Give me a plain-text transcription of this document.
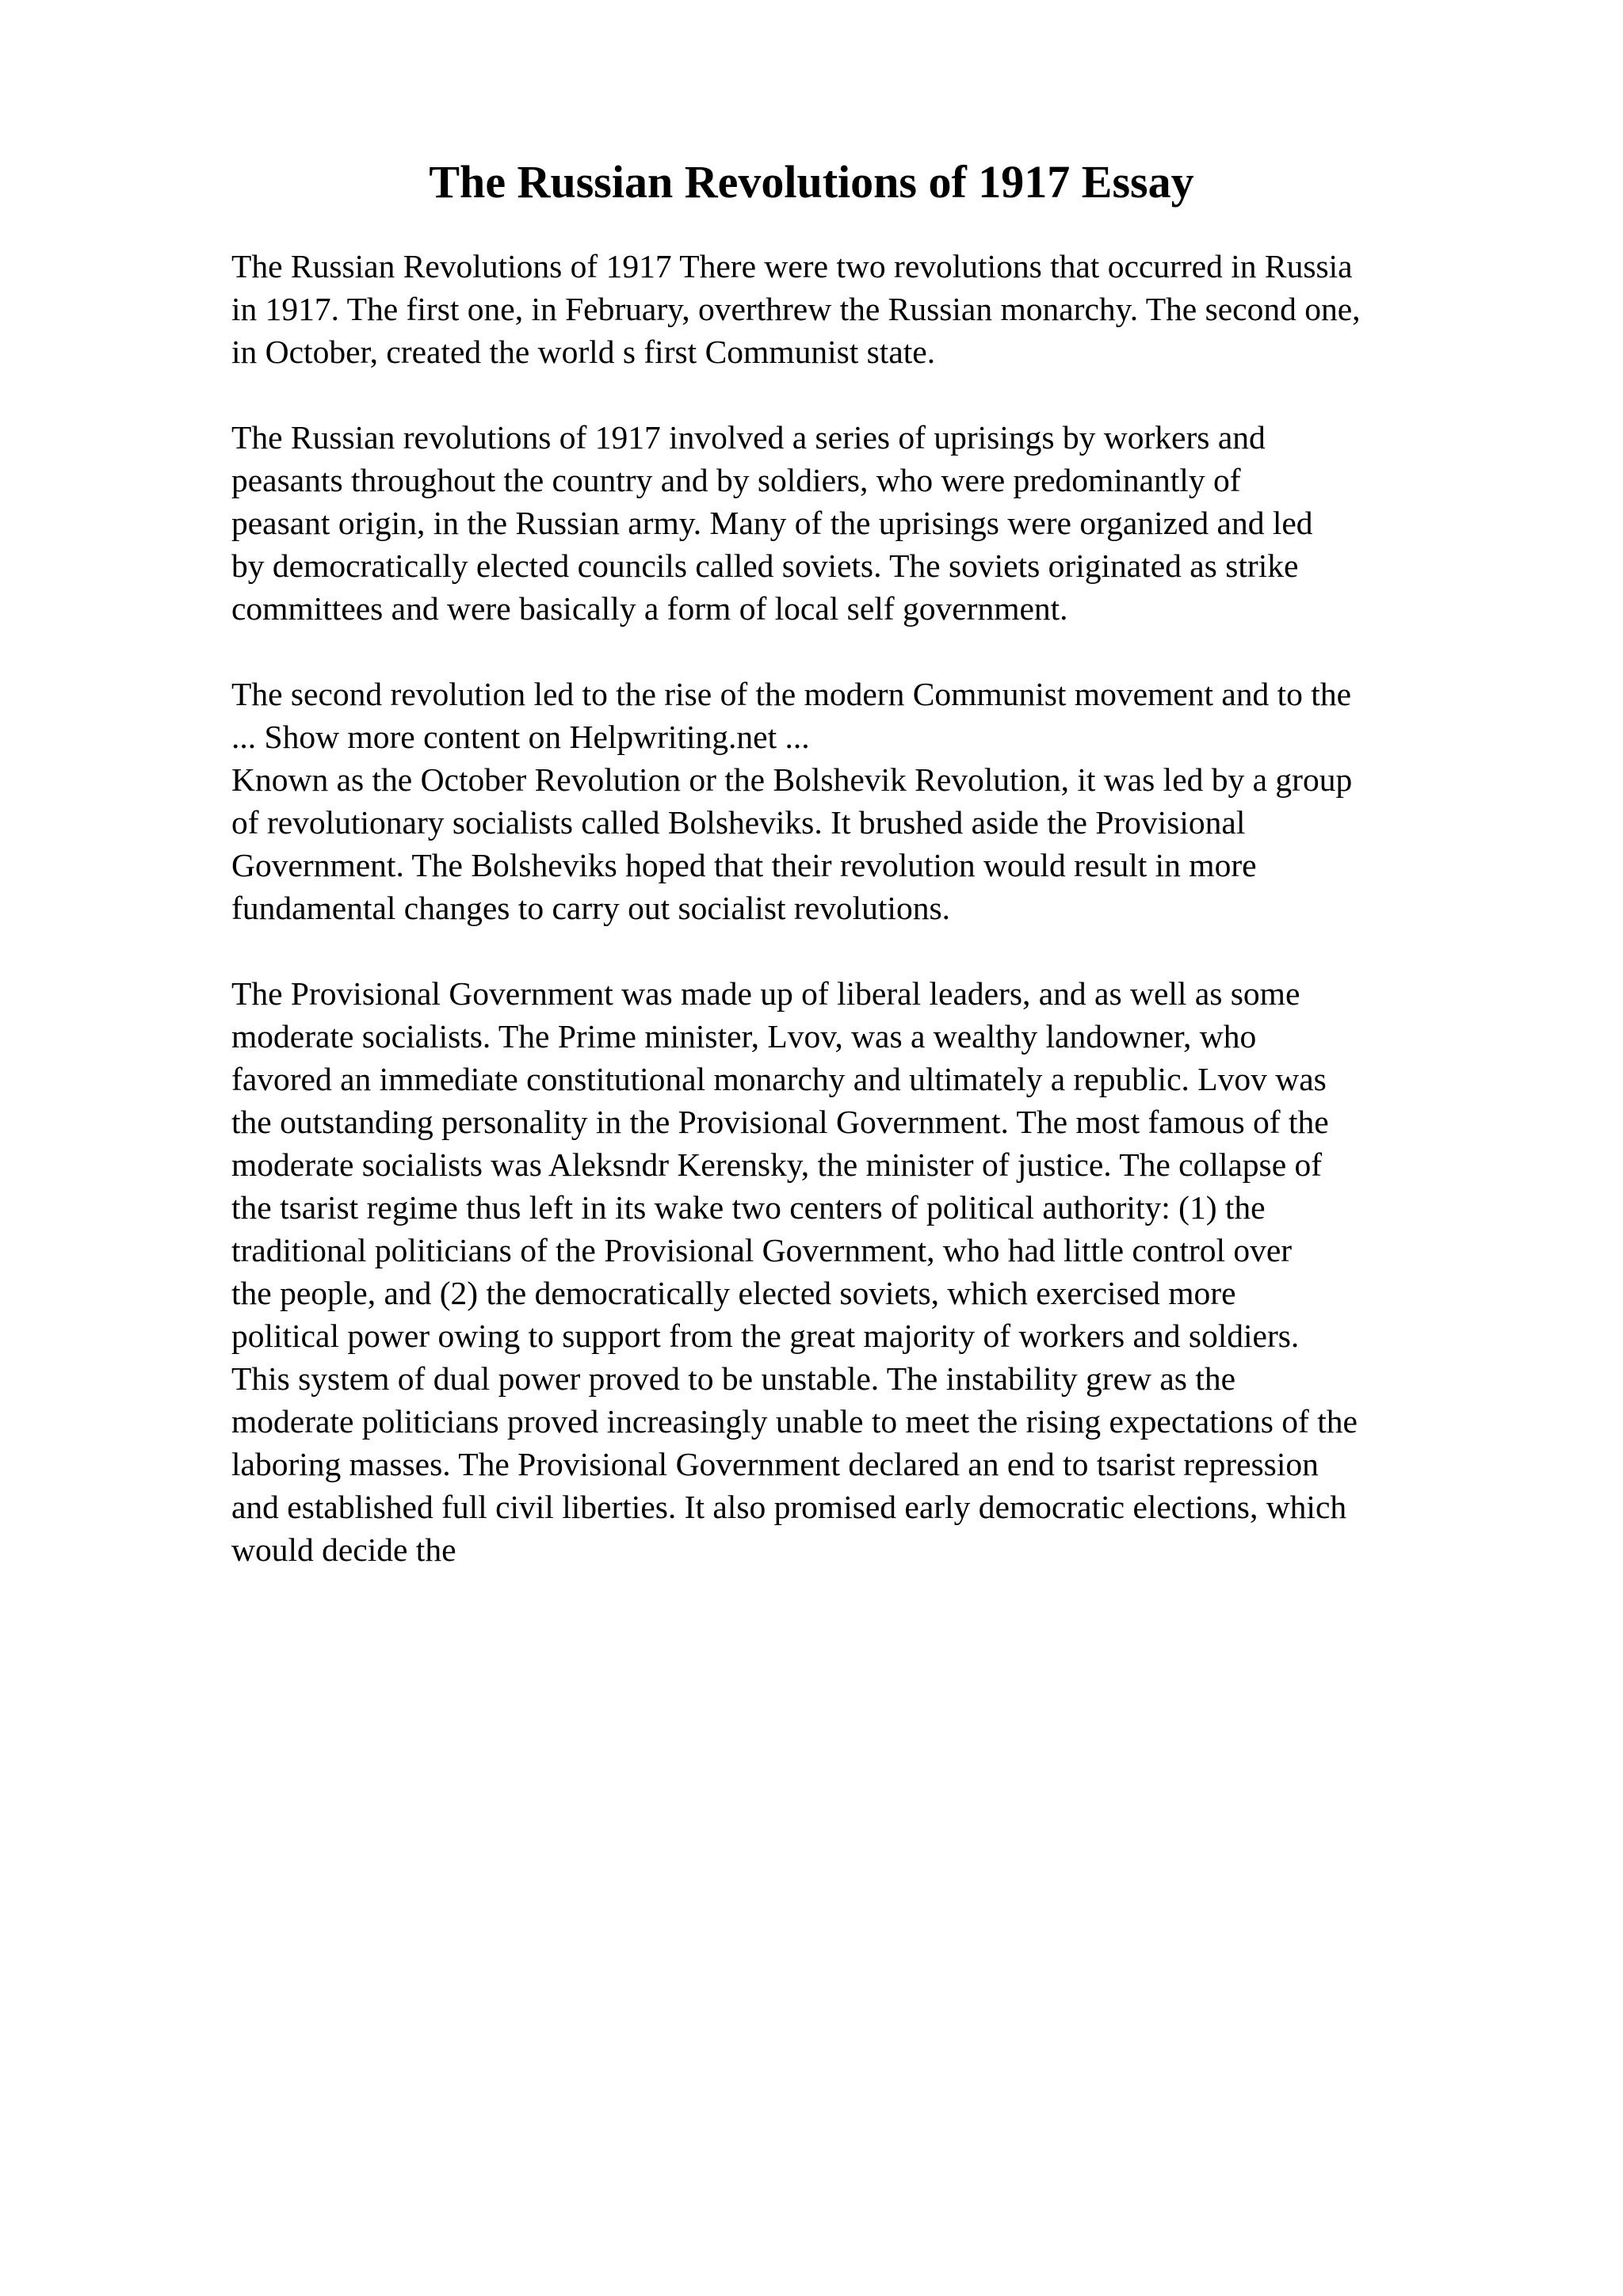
The Russian Revolutions of 1917 Essay

The Russian Revolutions of 1917 There were two revolutions that occurred in Russia
in 1917. The first one, in February, overthrew the Russian monarchy. The second one,
in October, created the world s first Communist state.

The Russian revolutions of 1917 involved a series of uprisings by workers and
peasants throughout the country and by soldiers, who were predominantly of
peasant origin, in the Russian army. Many of the uprisings were organized and led
by democratically elected councils called soviets. The soviets originated as strike
committees and were basically a form of local self government.

The second revolution led to the rise of the modern Communist movement and to the
... Show more content on Helpwriting.net ...

Known as the October Revolution or the Bolshevik Revolution, it was led by a group
of revolutionary socialists called Bolsheviks. It brushed aside the Provisional
Government. The Bolsheviks hoped that their revolution would result in more
fundamental changes to carry out socialist revolutions.

The Provisional Government was made up of liberal leaders, and as well as some
moderate socialists. The Prime minister, Lvov, was a wealthy landowner, who
favored an immediate constitutional monarchy and ultimately a republic. Lvov was
the outstanding personality in the Provisional Government. The most famous of the
moderate socialists was Aleksndr Kerensky, the minister of justice. The collapse of
the tsarist regime thus left in its wake two centers of political authority: (1) the
traditional politicians of the Provisional Government, who had little control over
the people, and (2) the democratically elected soviets, which exercised more
political power owing to support from the great majority of workers and soldiers.
This system of dual power proved to be unstable. The instability grew as the
moderate politicians proved increasingly unable to meet the rising expectations of the
laboring masses. The Provisional Government declared an end to tsarist repression
and established full civil liberties. It also promised early democratic elections, which
would decide the
